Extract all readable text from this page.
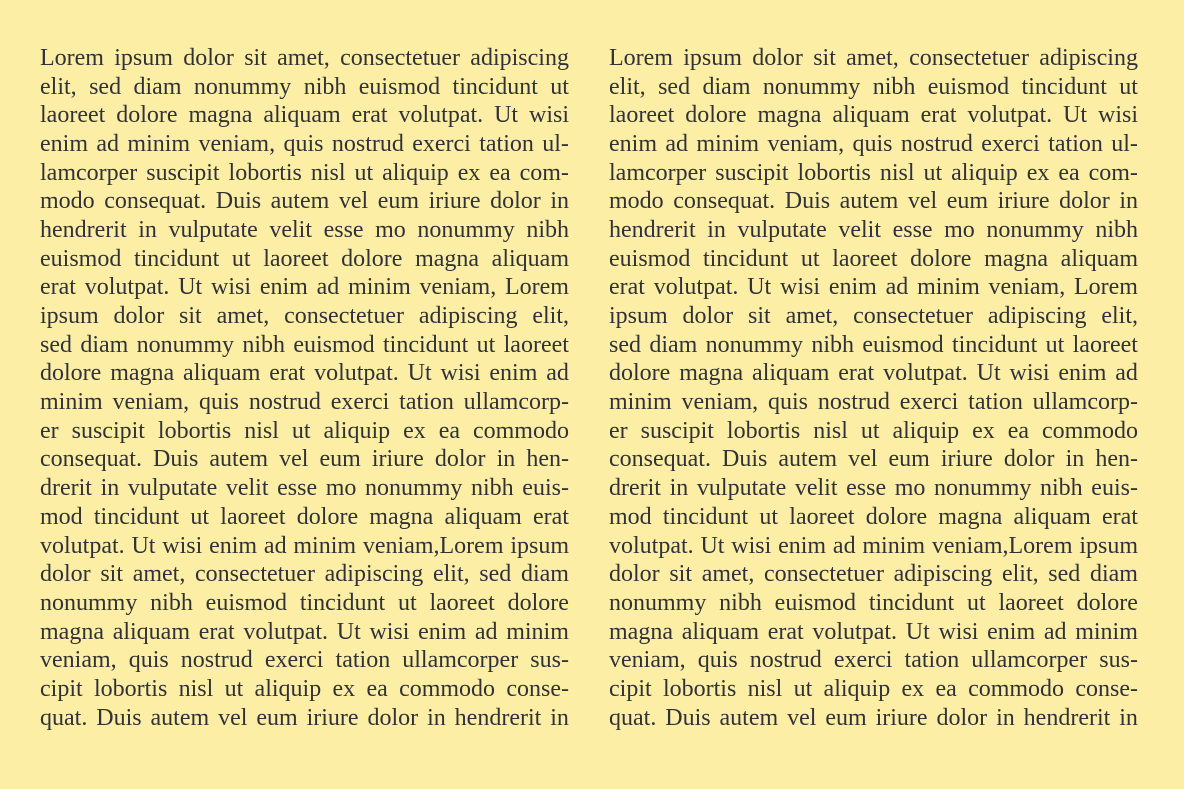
Lorem ipsum dolor sit amet, consectetuer adipiscing
elit, sed diam nonummy nibh euismod tincidunt ut
laoreet dolore magna aliquam erat volutpat. Ut wisi
enim ad minim veniam, quis nostrud exerci tation ul-
lamcorper suscipit lobortis nisl ut aliquip ex ea com-
modo consequat. Duis autem vel eum iriure dolor in
hendrerit in vulputate velit esse mo nonummy nibh
euismod tincidunt ut laoreet dolore magna aliquam
erat volutpat. Ut wisi enim ad minim veniam, Lorem
ipsum dolor sit amet, consectetuer adipiscing elit,
sed diam nonummy nibh euismod tincidunt ut laoreet
dolore magna aliquam erat volutpat. Ut wisi enim ad
minim veniam, quis nostrud exerci tation ullamcorp-
er suscipit lobortis nisl ut aliquip ex ea commodo
consequat. Duis autem vel eum iriure dolor in hen-
drerit in vulputate velit esse mo nonummy nibh euis-
mod tincidunt ut laoreet dolore magna aliquam erat
volutpat. Ut wisi enim ad minim veniam,Lorem ipsum
dolor sit amet, consectetuer adipiscing elit, sed diam
nonummy nibh euismod tincidunt ut laoreet dolore
magna aliquam erat volutpat. Ut wisi enim ad minim
veniam, quis nostrud exerci tation ullamcorper sus-
cipit lobortis nisl ut aliquip ex ea commodo conse-
quat. Duis autem vel eum iriure dolor in hendrerit in
Lorem ipsum dolor sit amet, consectetuer adipiscing
elit, sed diam nonummy nibh euismod tincidunt ut
laoreet dolore magna aliquam erat volutpat. Ut wisi
enim ad minim veniam, quis nostrud exerci tation ul-
lamcorper suscipit lobortis nisl ut aliquip ex ea com-
modo consequat. Duis autem vel eum iriure dolor in
hendrerit in vulputate velit esse mo nonummy nibh
euismod tincidunt ut laoreet dolore magna aliquam
erat volutpat. Ut wisi enim ad minim veniam, Lorem
ipsum dolor sit amet, consectetuer adipiscing elit,
sed diam nonummy nibh euismod tincidunt ut laoreet
dolore magna aliquam erat volutpat. Ut wisi enim ad
minim veniam, quis nostrud exerci tation ullamcorp-
er suscipit lobortis nisl ut aliquip ex ea commodo
consequat. Duis autem vel eum iriure dolor in hen-
drerit in vulputate velit esse mo nonummy nibh euis-
mod tincidunt ut laoreet dolore magna aliquam erat
volutpat. Ut wisi enim ad minim veniam,Lorem ipsum
dolor sit amet, consectetuer adipiscing elit, sed diam
nonummy nibh euismod tincidunt ut laoreet dolore
magna aliquam erat volutpat. Ut wisi enim ad minim
veniam, quis nostrud exerci tation ullamcorper sus-
cipit lobortis nisl ut aliquip ex ea commodo conse-
quat. Duis autem vel eum iriure dolor in hendrerit in
